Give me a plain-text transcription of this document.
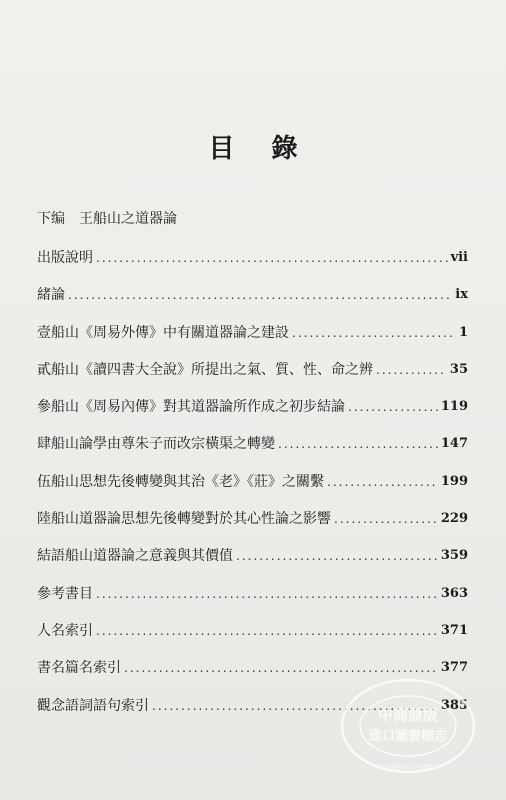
目 錄
下编 王船山之道器論
出版說明 .....	vii
緒論 .....	ix
壹 船山《周易外傳》中有關道器論之建設 .....	1
貳 船山《讀四書大全說》所提出之氣、質、性、命之辨 .....	35
參 船山《周易內傳》對其道器論所作成之初步結論 .....	119
肆 船山論學由尊朱子而改宗橫渠之轉變 .....	147
伍 船山思想先後轉變與其治《老》《莊》之關繫 .....	199
陸 船山道器論思想先後轉變對於其心性論之影響 .....	229
結語 船山道器論之意義與其價值 .....	359
參考書目 .....	363
人名索引 .....	371
書名篇名索引 .....	377
觀念語詞語句索引 .....	385
中商原版
進口圖書標志
中華商務進口圖書標志
